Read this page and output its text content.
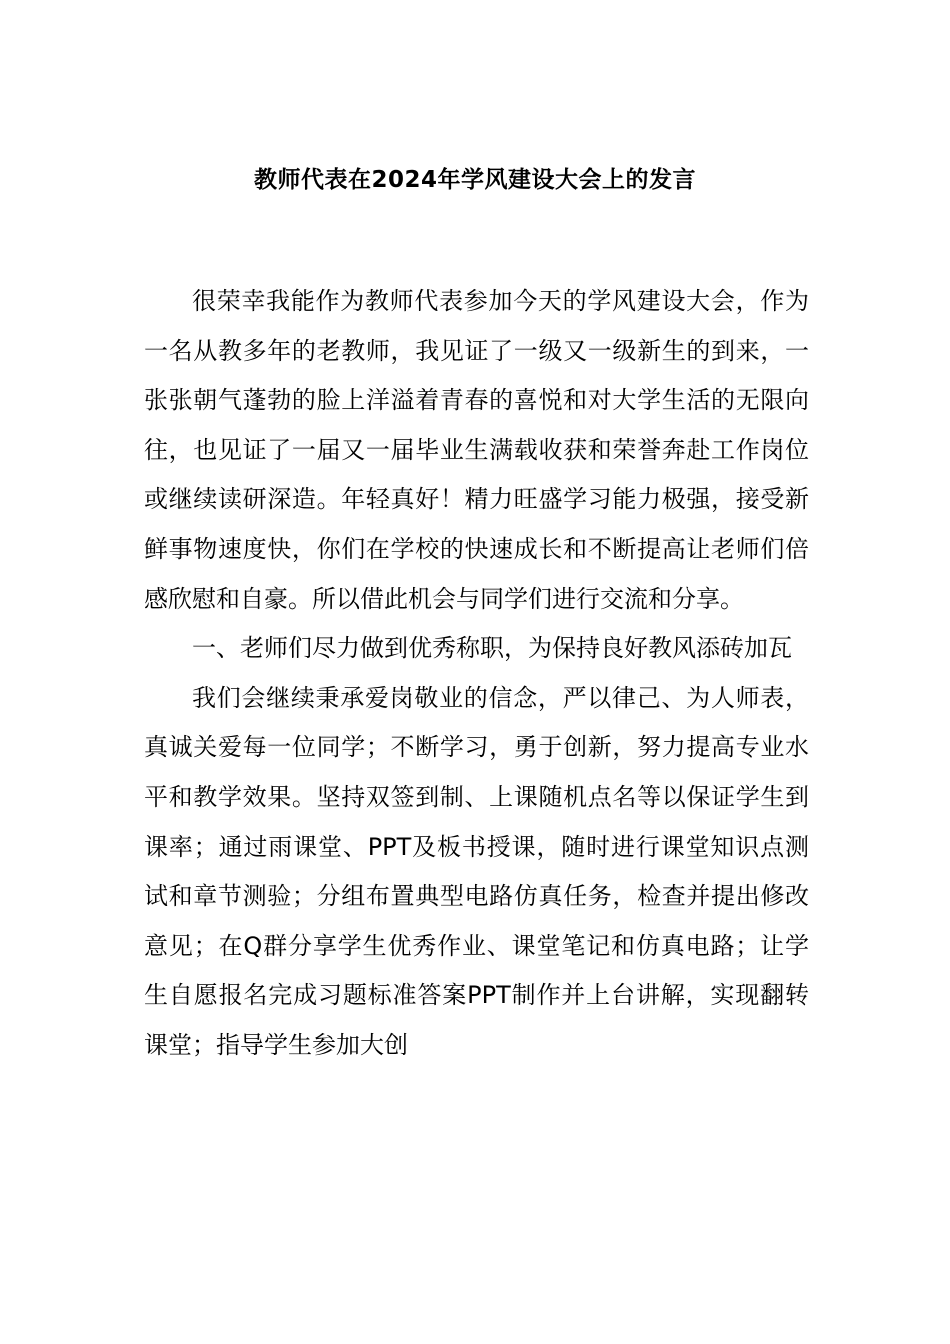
教师代表在2024年学风建设大会上的发言

很荣幸我能作为教师代表参加今天的学风建设大会，作为一名从教多年的老教师，我见证了一级又一级新生的到来，一张张朝气蓬勃的脸上洋溢着青春的喜悦和对大学生活的无限向往，也见证了一届又一届毕业生满载收获和荣誉奔赴工作岗位或继续读研深造。年轻真好！精力旺盛学习能力极强，接受新鲜事物速度快，你们在学校的快速成长和不断提高让老师们倍感欣慰和自豪。所以借此机会与同学们进行交流和分享。

一、老师们尽力做到优秀称职，为保持良好教风添砖加瓦

我们会继续秉承爱岗敬业的信念，严以律己、为人师表，真诚关爱每一位同学；不断学习，勇于创新，努力提高专业水平和教学效果。坚持双签到制、上课随机点名等以保证学生到课率；通过雨课堂、PPT及板书授课，随时进行课堂知识点测试和章节测验；分组布置典型电路仿真任务，检查并提出修改意见；在Q群分享学生优秀作业、课堂笔记和仿真电路；让学生自愿报名完成习题标准答案PPT制作并上台讲解，实现翻转课堂；指导学生参加大创
